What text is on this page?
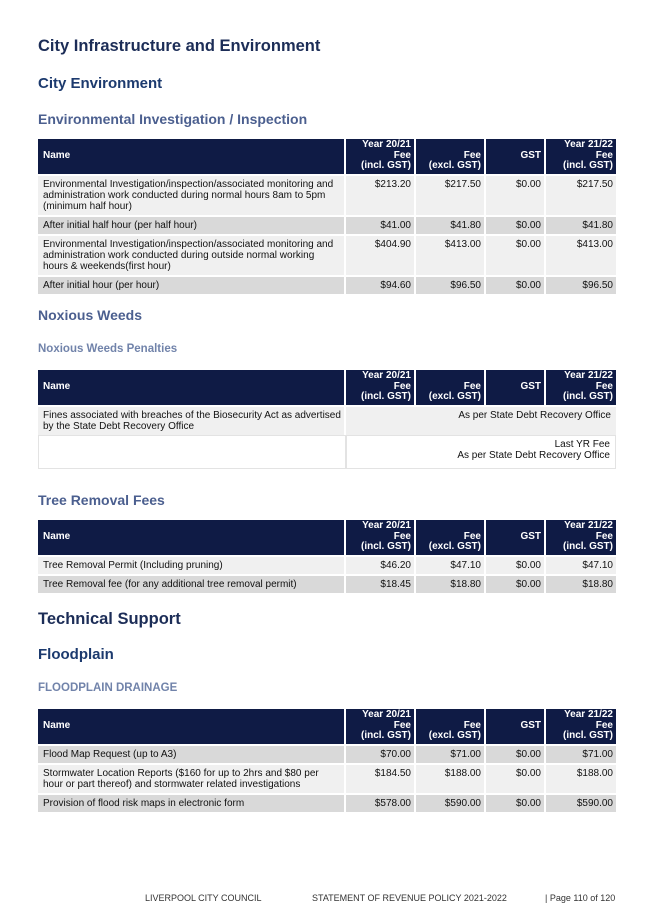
City Infrastructure and Environment
City Environment
Environmental Investigation / Inspection
Name	Year 20/21
Fee
(incl. GST)	Fee
(excl. GST)	GST	Year 21/22
Fee
(incl. GST)
Environmental Investigation/inspection/associated monitoring and administration work conducted during normal hours 8am to 5pm (minimum half hour)	$213.20	$217.50	$0.00	$217.50
After initial half hour (per half hour)	$41.00	$41.80	$0.00	$41.80
Environmental Investigation/inspection/associated monitoring and administration work conducted during outside normal working hours & weekends(first hour)	$404.90	$413.00	$0.00	$413.00
After initial hour (per hour)	$94.60	$96.50	$0.00	$96.50
Noxious Weeds
Noxious Weeds Penalties
Name	Year 20/21
Fee
(incl. GST)	Fee
(excl. GST)	GST	Year 21/22
Fee
(incl. GST)
Fines associated with breaches of the Biosecurity Act as advertised by the State Debt Recovery Office	As per State Debt Recovery Office			
	Last YR Fee
As per State Debt Recovery Office			
Tree Removal Fees
Name	Year 20/21
Fee
(incl. GST)	Fee
(excl. GST)	GST	Year 21/22
Fee
(incl. GST)
Tree Removal Permit (Including pruning)	$46.20	$47.10	$0.00	$47.10
Tree Removal fee (for any additional tree removal permit)	$18.45	$18.80	$0.00	$18.80
Technical Support
Floodplain
FLOODPLAIN DRAINAGE
Name	Year 20/21
Fee
(incl. GST)	Fee
(excl. GST)	GST	Year 21/22
Fee
(incl. GST)
Flood Map Request (up to A3)	$70.00	$71.00	$0.00	$71.00
Stormwater Location Reports ($160 for up to 2hrs and $80 per hour or part thereof) and stormwater related investigations	$184.50	$188.00	$0.00	$188.00
Provision of flood risk maps in electronic form	$578.00	$590.00	$0.00	$590.00
LIVERPOOL CITY COUNCIL	STATEMENT OF REVENUE POLICY 2021-2022	| Page 110 of 120
